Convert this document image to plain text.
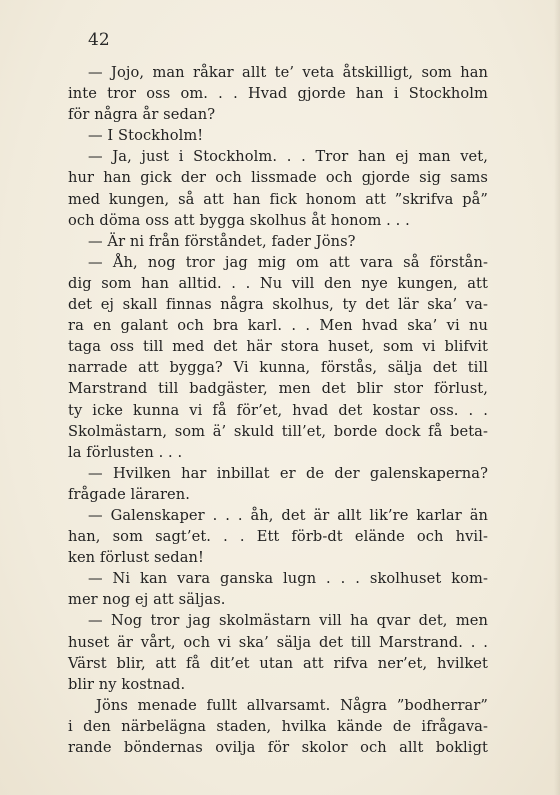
42
— Jojo, man råkar allt te’ veta åtskilligt, som han
inte tror oss om. . . Hvad gjorde han i Stockholm
för några år sedan?
— I Stockholm!
— Ja, just i Stockholm. . . Tror han ej man vet,
hur han gick der och lissmade och gjorde sig sams
med kungen, så att han fick honom att ”skrifva på”
och döma oss att bygga skolhus åt honom . . .
— Är ni från förståndet, fader Jöns?
— Åh, nog tror jag mig om att vara så förstån-
dig som han alltid. . . Nu vill den nye kungen, att
det ej skall finnas några skolhus, ty det lär ska’ va-
ra en galant och bra karl. . . Men hvad ska’ vi nu
taga oss till med det här stora huset, som vi blifvit
narrade att bygga? Vi kunna, förstås, sälja det till
Marstrand till badgäster, men det blir stor förlust,
ty icke kunna vi få för’et, hvad det kostar oss. . .
Skolmästarn, som ä’ skuld till’et, borde dock få beta-
la förlusten . . .
— Hvilken har inbillat er de der galenskaperna?
frågade läraren.
— Galenskaper . . . åh, det är allt lik’re karlar än
han, som sagt’et. . . Ett förb-dt elände och hvil-
ken förlust sedan!
— Ni kan vara ganska lugn . . . skolhuset kom-
mer nog ej att säljas.
— Nog tror jag skolmästarn vill ha qvar det, men
huset är vårt, och vi ska’ sälja det till Marstrand. . .
Värst blir, att få dit’et utan att rifva ner’et, hvilket
blir ny kostnad.
Jöns menade fullt allvarsamt. Några ”bodherrar”
i den närbelägna staden, hvilka kände de ifrågava-
rande böndernas ovilja för skolor och allt bokligt
